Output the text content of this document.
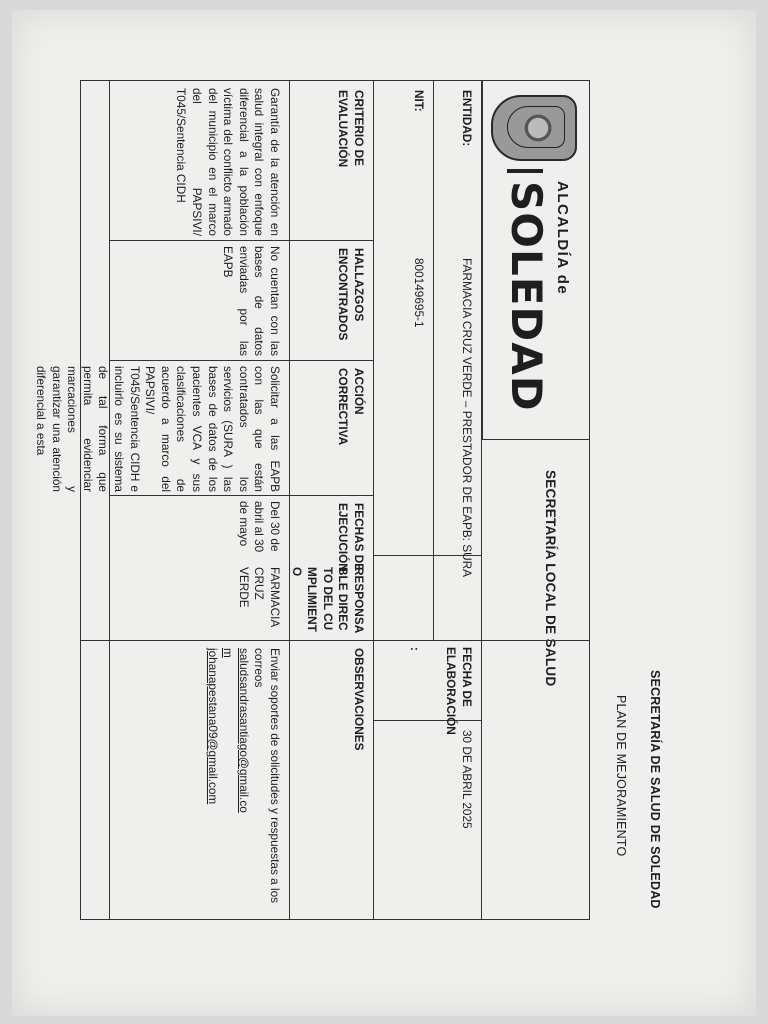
SECRETARÍA DE SALUD DE SOLEDAD
PLAN DE MEJORAMIENTO
ALCALDÍA de
SOLEDAD
SECRETARÍA LOCAL DE SALUD
ENTIDAD:
FARMACIA CRUZ VERDE – PRESTADOR DE EAPB: SURA
NIT:
800149695-1
FECHA DE ELABORACIÓN
:
30 DE ABRIL 2025
CRITERIO DE EVALUACIÓN
HALLAZGOS ENCONTRADOS
ACCIÓN CORRECTIVA
FECHAS DE EJECUCIÓN
RESPONSABLE DIRECTO DEL CUMPLIMIENT O
OBSERVACIONES
Garantía de la atención en salud integral con enfoque diferencial a la población víctima del conflicto armado del municipio en el marco del PAPSIVI/ T045/Sentencia CIDH
No cuentan con las bases de datos enviadas por las EAPB
Solicitar a las EAPB con las que están contratados los servicios (SURA ) las bases de datos de los pacientes VCA y sus clasificaciones de acuerdo a marco del PAPSIVI/ T045/Sentencia CIDH e incluirlo es su sistema de tal forma que permita evidenciar marcaciones y garantizar una atención diferencial a esta
Del 30 de abril al 30 de mayo
FARMACIA CRUZ VERDE
Enviar soportes de solicitudes y respuestas a los correos
saludsandrasantiago@gmail.co
m
johanapestana09@gmail.com
